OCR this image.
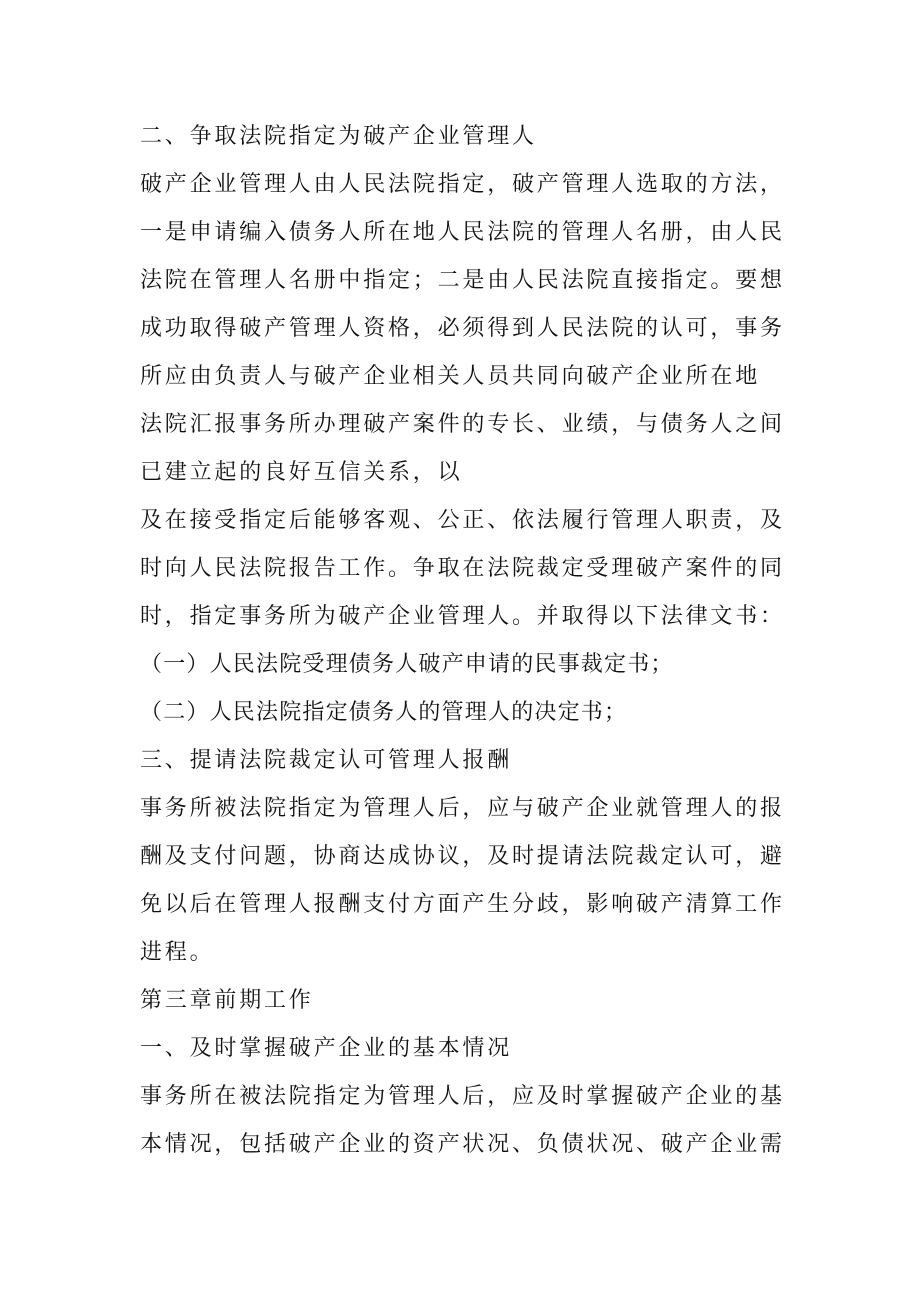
二、争取法院指定为破产企业管理人

破产企业管理人由人民法院指定，破产管理人选取的方法，

一是申请编入债务人所在地人民法院的管理人名册，由人民

法院在管理人名册中指定；二是由人民法院直接指定。要想

成功取得破产管理人资格，必须得到人民法院的认可，事务

所应由负责人与破产企业相关人员共同向破产企业所在地

法院汇报事务所办理破产案件的专长、业绩，与债务人之间

已建立起的良好互信关系，以

及在接受指定后能够客观、公正、依法履行管理人职责，及

时向人民法院报告工作。争取在法院裁定受理破产案件的同

时，指定事务所为破产企业管理人。并取得以下法律文书：

（一）人民法院受理债务人破产申请的民事裁定书；

（二）人民法院指定债务人的管理人的决定书；

三、提请法院裁定认可管理人报酬

事务所被法院指定为管理人后，应与破产企业就管理人的报

酬及支付问题，协商达成协议，及时提请法院裁定认可，避

免以后在管理人报酬支付方面产生分歧，影响破产清算工作

进程。

第三章前期工作

一、及时掌握破产企业的基本情况

事务所在被法院指定为管理人后，应及时掌握破产企业的基

本情况，包括破产企业的资产状况、负债状况、破产企业需
